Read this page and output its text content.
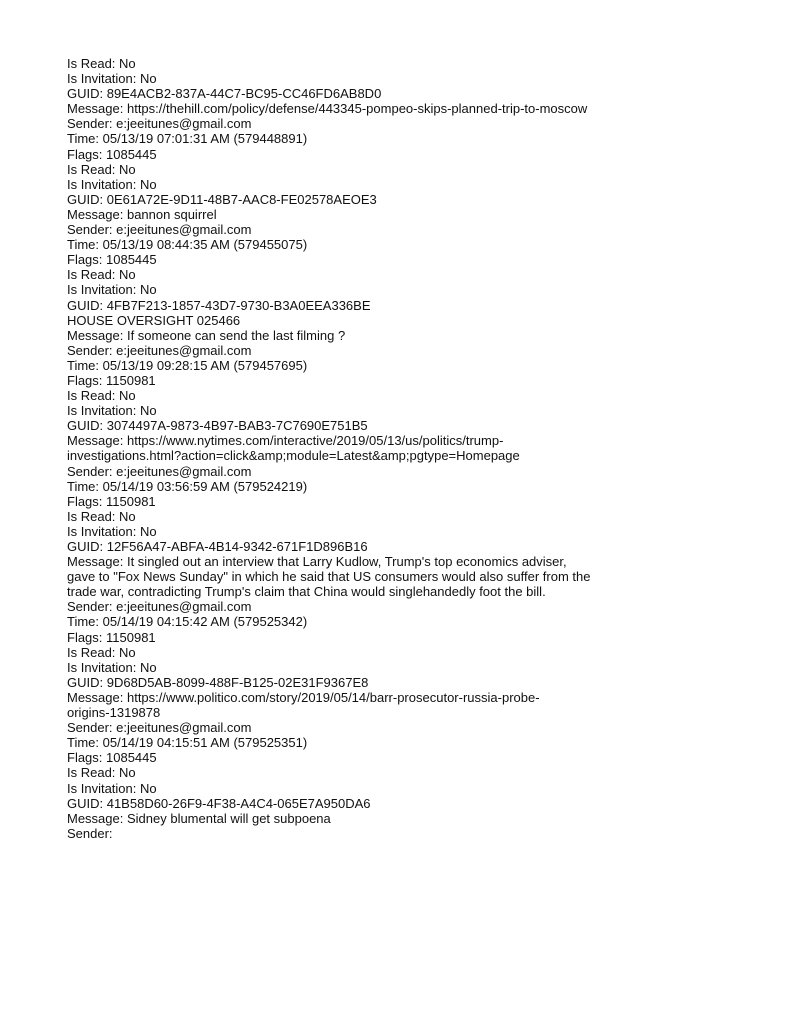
Is Read: No
Is Invitation: No
GUID: 89E4ACB2-837A-44C7-BC95-CC46FD6AB8D0
Message: https://thehill.com/policy/defense/443345-pompeo-skips-planned-trip-to-moscow
Sender: e:jeeitunes@gmail.com
Time: 05/13/19 07:01:31 AM (579448891)
Flags: 1085445
Is Read: No
Is Invitation: No
GUID: 0E61A72E-9D11-48B7-AAC8-FE02578AEOE3
Message: bannon squirrel
Sender: e:jeeitunes@gmail.com
Time: 05/13/19 08:44:35 AM (579455075)
Flags: 1085445
Is Read: No
Is Invitation: No
GUID: 4FB7F213-1857-43D7-9730-B3A0EEA336BE
HOUSE OVERSIGHT 025466
Message: If someone can send the last filming ?
Sender: e:jeeitunes@gmail.com
Time: 05/13/19 09:28:15 AM (579457695)
Flags: 1150981
Is Read: No
Is Invitation: No
GUID: 3074497A-9873-4B97-BAB3-7C7690E751B5
Message: https://www.nytimes.com/interactive/2019/05/13/us/politics/trump-
investigations.html?action=click&amp;module=Latest&amp;pgtype=Homepage
Sender: e:jeeitunes@gmail.com
Time: 05/14/19 03:56:59 AM (579524219)
Flags: 1150981
Is Read: No
Is Invitation: No
GUID: 12F56A47-ABFA-4B14-9342-671F1D896B16
Message: It singled out an interview that Larry Kudlow, Trump's top economics adviser,
gave to "Fox News Sunday" in which he said that US consumers would also suffer from the
trade war, contradicting Trump's claim that China would singlehandedly foot the bill.
Sender: e:jeeitunes@gmail.com
Time: 05/14/19 04:15:42 AM (579525342)
Flags: 1150981
Is Read: No
Is Invitation: No
GUID: 9D68D5AB-8099-488F-B125-02E31F9367E8
Message: https://www.politico.com/story/2019/05/14/barr-prosecutor-russia-probe-
origins-1319878
Sender: e:jeeitunes@gmail.com
Time: 05/14/19 04:15:51 AM (579525351)
Flags: 1085445
Is Read: No
Is Invitation: No
GUID: 41B58D60-26F9-4F38-A4C4-065E7A950DA6
Message: Sidney blumental will get subpoena
Sender:
